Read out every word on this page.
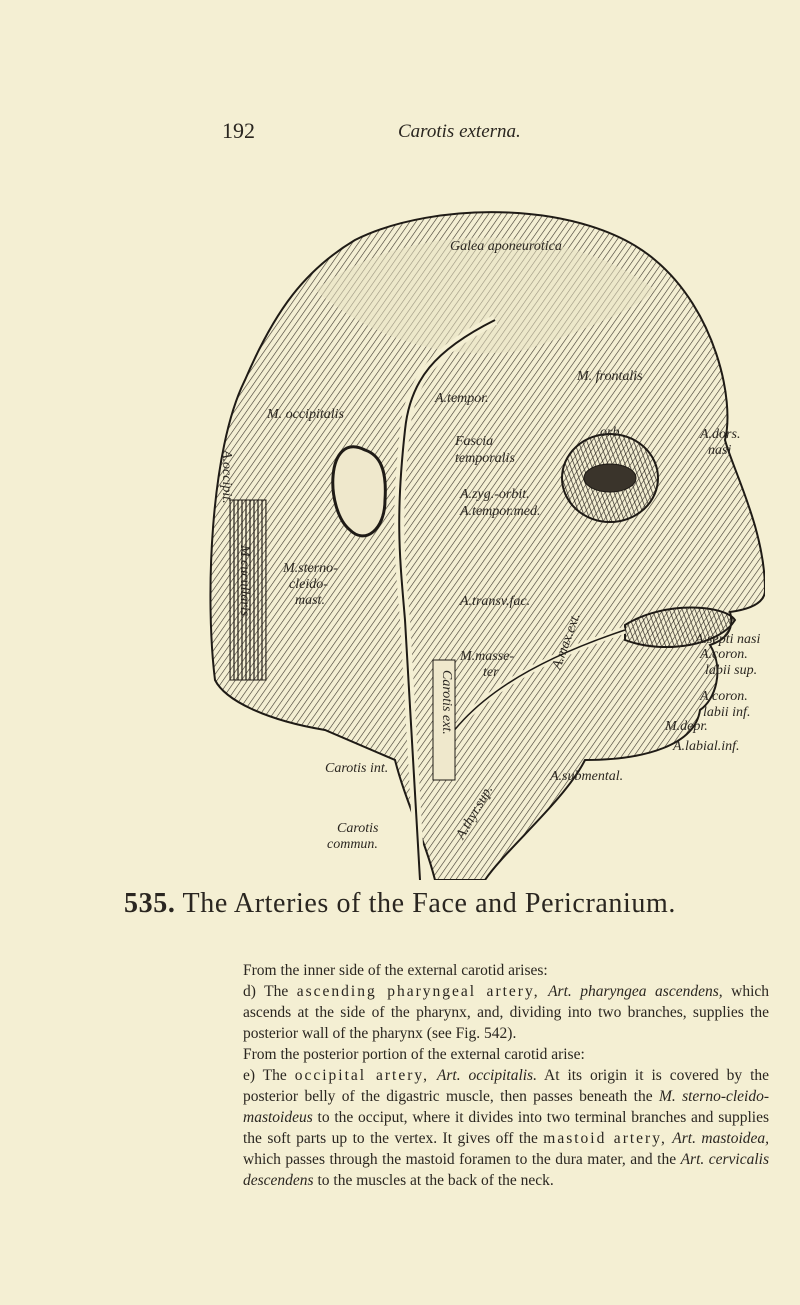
192	Carotis externa.
Galea aponeurotica
Fascia
temporalis
A.zyg.-orbit.
A.tempor.med.
A.tempor.
M. frontalis
M. occipitalis
A.occipit.
A.dors.
nasi
orb.
M.sterno-
cleido-
mast.
M.cucullaris	A.transv.fac.
M.masse-
ter
A.max.ext.	A.septi nasi
A.coron.
labii sup.
A.coron.
labii inf.
A.labial.inf.
A.submental.
Carotis int.
Carotis ext.
Carotis
commun.
A.thyr.sup.
M.depr.
535. The Arteries of the Face and Pericranium.

From the inner side of the external carotid arises:

d) The ascending pharyngeal artery, Art. pharyngea ascendens, which ascends at the side of the pharynx, and, dividing into two branches, supplies the posterior wall of the pharynx (see Fig. 542).

From the posterior portion of the external carotid arise:

e) The occipital artery, Art. occipitalis. At its origin it is covered by the posterior belly of the digastric muscle, then passes beneath the M. sterno-cleido-mastoideus to the occiput, where it divides into two terminal branches and supplies the soft parts up to the vertex. It gives off the mastoid artery, Art. mastoidea, which passes through the mastoid foramen to the dura mater, and the Art. cervicalis descendens to the muscles at the back of the neck.
